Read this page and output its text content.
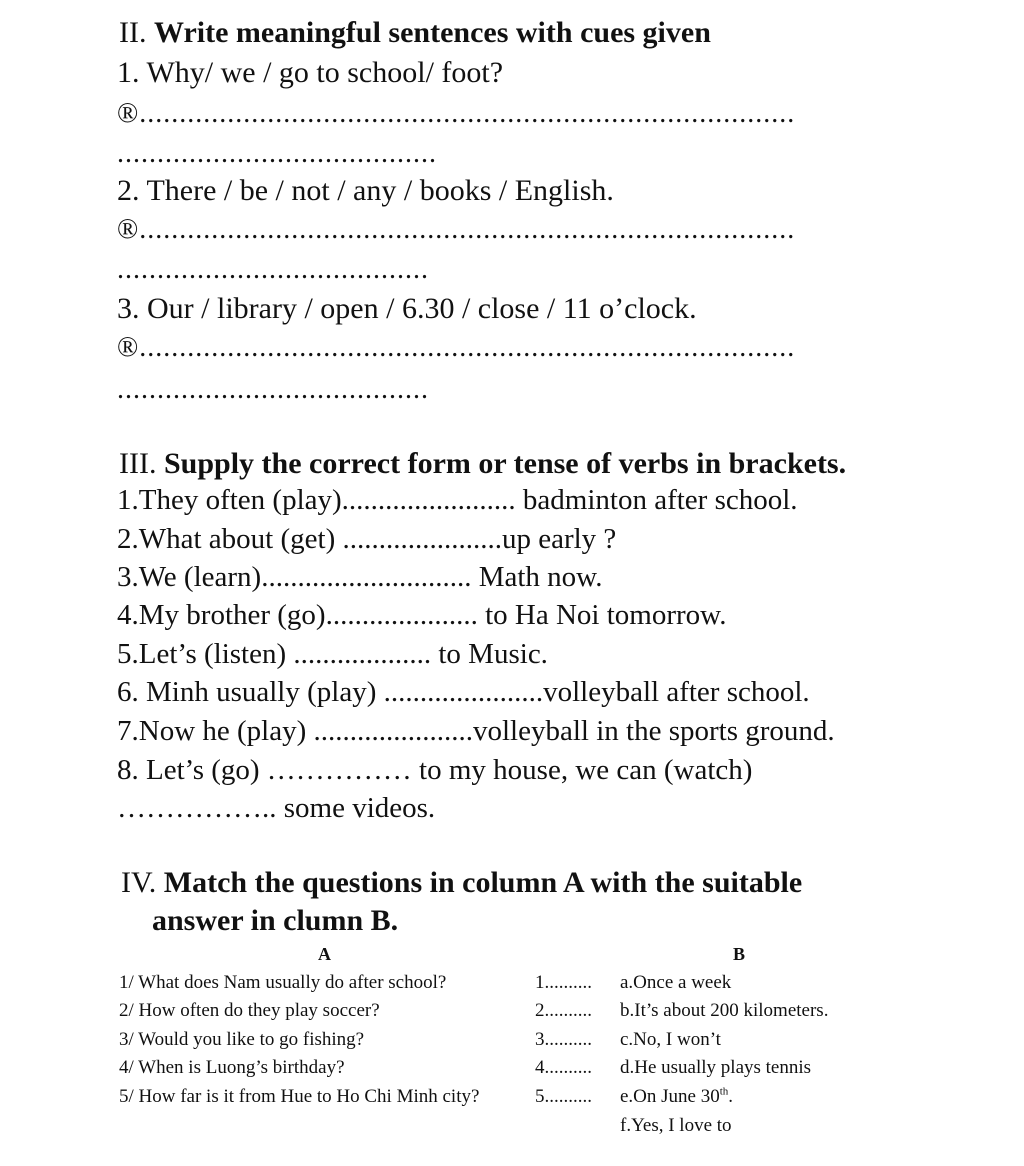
II. Write meaningful sentences with cues given
1. Why/ we / go to school/ foot?
®..................................................................................
........................................
2. There / be / not / any / books / English.
®..................................................................................
.......................................
3. Our / library / open / 6.30 / close / 11 o’clock.
®..................................................................................
.......................................
III. Supply the correct form or tense of verbs in brackets.
1.They often (play)........................ badminton after school.
2.What about (get) ......................up early ?
3.We (learn)............................. Math now.
4.My brother (go)..................... to Ha Noi tomorrow.
5.Let’s (listen) ................... to Music.
6. Minh usually (play) ......................volleyball after school.
7.Now he (play) ......................volleyball in the sports ground.
8. Let’s (go) …………… to my house, we can (watch)
…………….. some videos.
IV. Match the questions in column A with the suitable
answer in clumn B.
A	B
1/ What does Nam usually do after school?	1.......... a.Once a week
2/ How often do they play soccer?	2.......... b.It’s about 200 kilometers.
3/ Would you like to go fishing?	3.......... c.No, I won’t
4/ When is Luong’s birthday?	4.......... d.He usually plays tennis
5/ How far is it from Hue to Ho Chi Minh city?	5.......... e.On June 30th.
f.Yes, I love to
